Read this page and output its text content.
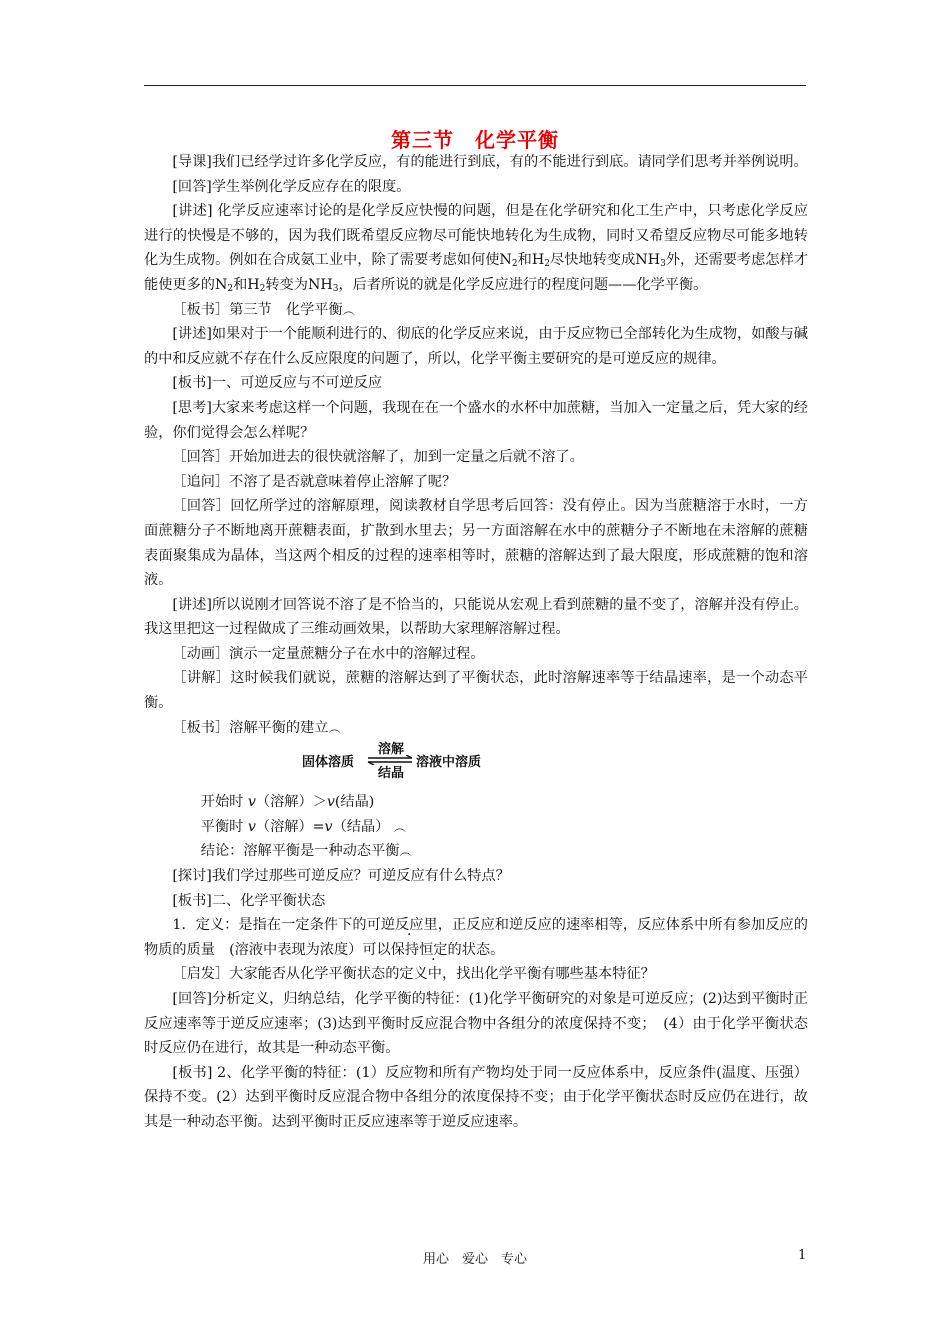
第三节　化学平衡

[导课]我们已经学过许多化学反应，有的能进行到底，有的不能进行到底。请同学们思考并举例说明。

[回答]学生举例化学反应存在的限度。

[讲述] 化学反应速率讨论的是化学反应快慢的问题，但是在化学研究和化工生产中，只考虑化学反应进行的快慢是不够的，因为我们既希望反应物尽可能快地转化为生成物，同时又希望反应物尽可能多地转化为生成物。例如在合成氨工业中，除了需要考虑如何使$N_2$和$H_2$尽快地转变成$NH_3$外，还需要考虑怎样才能使更多的$N_2$和$H_2$转变为$NH_3$，后者所说的就是化学反应进行的程度问题——化学平衡。

［板书］第三节　化学平衡︵

[讲述]如果对于一个能顺利进行的、彻底的化学反应来说，由于反应物已全部转化为生成物，如酸与碱的中和反应就不存在什么反应限度的问题了，所以，化学平衡主要研究的是可逆反应的规律。

[板书]一、可逆反应与不可逆反应

[思考]大家来考虑这样一个问题，我现在在一个盛水的水杯中加蔗糖，当加入一定量之后，凭大家的经验，你们觉得会怎么样呢？

［回答］开始加进去的很快就溶解了，加到一定量之后就不溶了。

［追问］不溶了是否就意味着停止溶解了呢？

［回答］回忆所学过的溶解原理，阅读教材自学思考后回答：没有停止。因为当蔗糖溶于水时，一方面蔗糖分子不断地离开蔗糖表面，扩散到水里去；另一方面溶解在水中的蔗糖分子不断地在未溶解的蔗糖表面聚集成为晶体，当这两个相反的过程的速率相等时，蔗糖的溶解达到了最大限度，形成蔗糖的饱和溶液。

[讲述]所以说刚才回答说不溶了是不恰当的，只能说从宏观上看到蔗糖的量不变了，溶解并没有停止。我这里把这一过程做成了三维动画效果，以帮助大家理解溶解过程。

［动画］演示一定量蔗糖分子在水中的溶解过程。

［讲解］这时候我们就说，蔗糖的溶解达到了平衡状态，此时溶解速率等于结晶速率，是一个动态平衡。

［板书］溶解平衡的建立︵

固体溶质
溶解
结晶
溶液中溶质

开始时 v（溶解）＞v(结晶)

平衡时 v（溶解）=v（结晶） ︵

结论：溶解平衡是一种动态平衡︵

[探讨]我们学过那些可逆反应？可逆反应有什么特点？

[板书]二、化学平衡状态

1．定义：是指在一定条件下的可逆反应里，正反应和逆反应的速率相等，反应体系中所有参加反应的物质的质量　(溶液中表现为浓度）可以保持恒定的状态。

［启发］大家能否从化学平衡状态的定义中，找出化学平衡有哪些基本特征？

[回答]分析定义，归纳总结，化学平衡的特征：(1)化学平衡研究的对象是可逆反应；(2)达到平衡时正反应速率等于逆反应速率；(3)达到平衡时反应混合物中各组分的浓度保持不变；　(4）由于化学平衡状态时反应仍在进行，故其是一种动态平衡。

[板书] 2、化学平衡的特征：(1）反应物和所有产物均处于同一反应体系中，反应条件(温度、压强）保持不变。(2）达到平衡时反应混合物中各组分的浓度保持不变；由于化学平衡状态时反应仍在进行，故其是一种动态平衡。达到平衡时正反应速率等于逆反应速率。

用心　爱心　专心	1
